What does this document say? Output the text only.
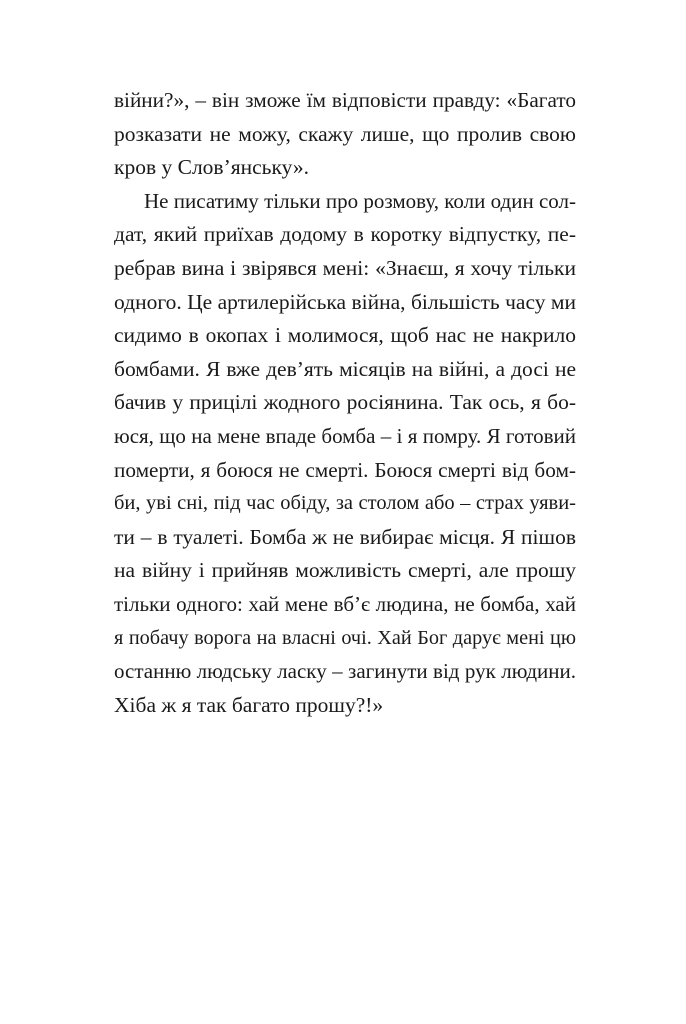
війни?», – він зможе їм відповісти правду: «Багато
розказати не можу, скажу лише, що пролив свою
кров у Слов’янську».
Не писатиму тільки про розмову, коли один сол-
дат, який приїхав додому в коротку відпустку, пе-
ребрав вина і звірявся мені: «Знаєш, я хочу тільки
одного. Це артилерійська війна, більшість часу ми
сидимо в окопах і молимося, щоб нас не накрило
бомбами. Я вже дев’ять місяців на війні, а досі не
бачив у прицілі жодного росіянина. Так ось, я бо-
юся, що на мене впаде бомба – і я помру. Я готовий
померти, я боюся не смерті. Боюся смерті від бом-
би, уві сні, під час обіду, за столом або – страх уяви-
ти – в туалеті. Бомба ж не вибирає місця. Я пішов
на війну і прийняв можливість смерті, але прошу
тільки одного: хай мене вб’є людина, не бомба, хай
я побачу ворога на власні очі. Хай Бог дарує мені цю
останню людську ласку – загинути від рук людини.
Хіба ж я так багато прошу?!»
